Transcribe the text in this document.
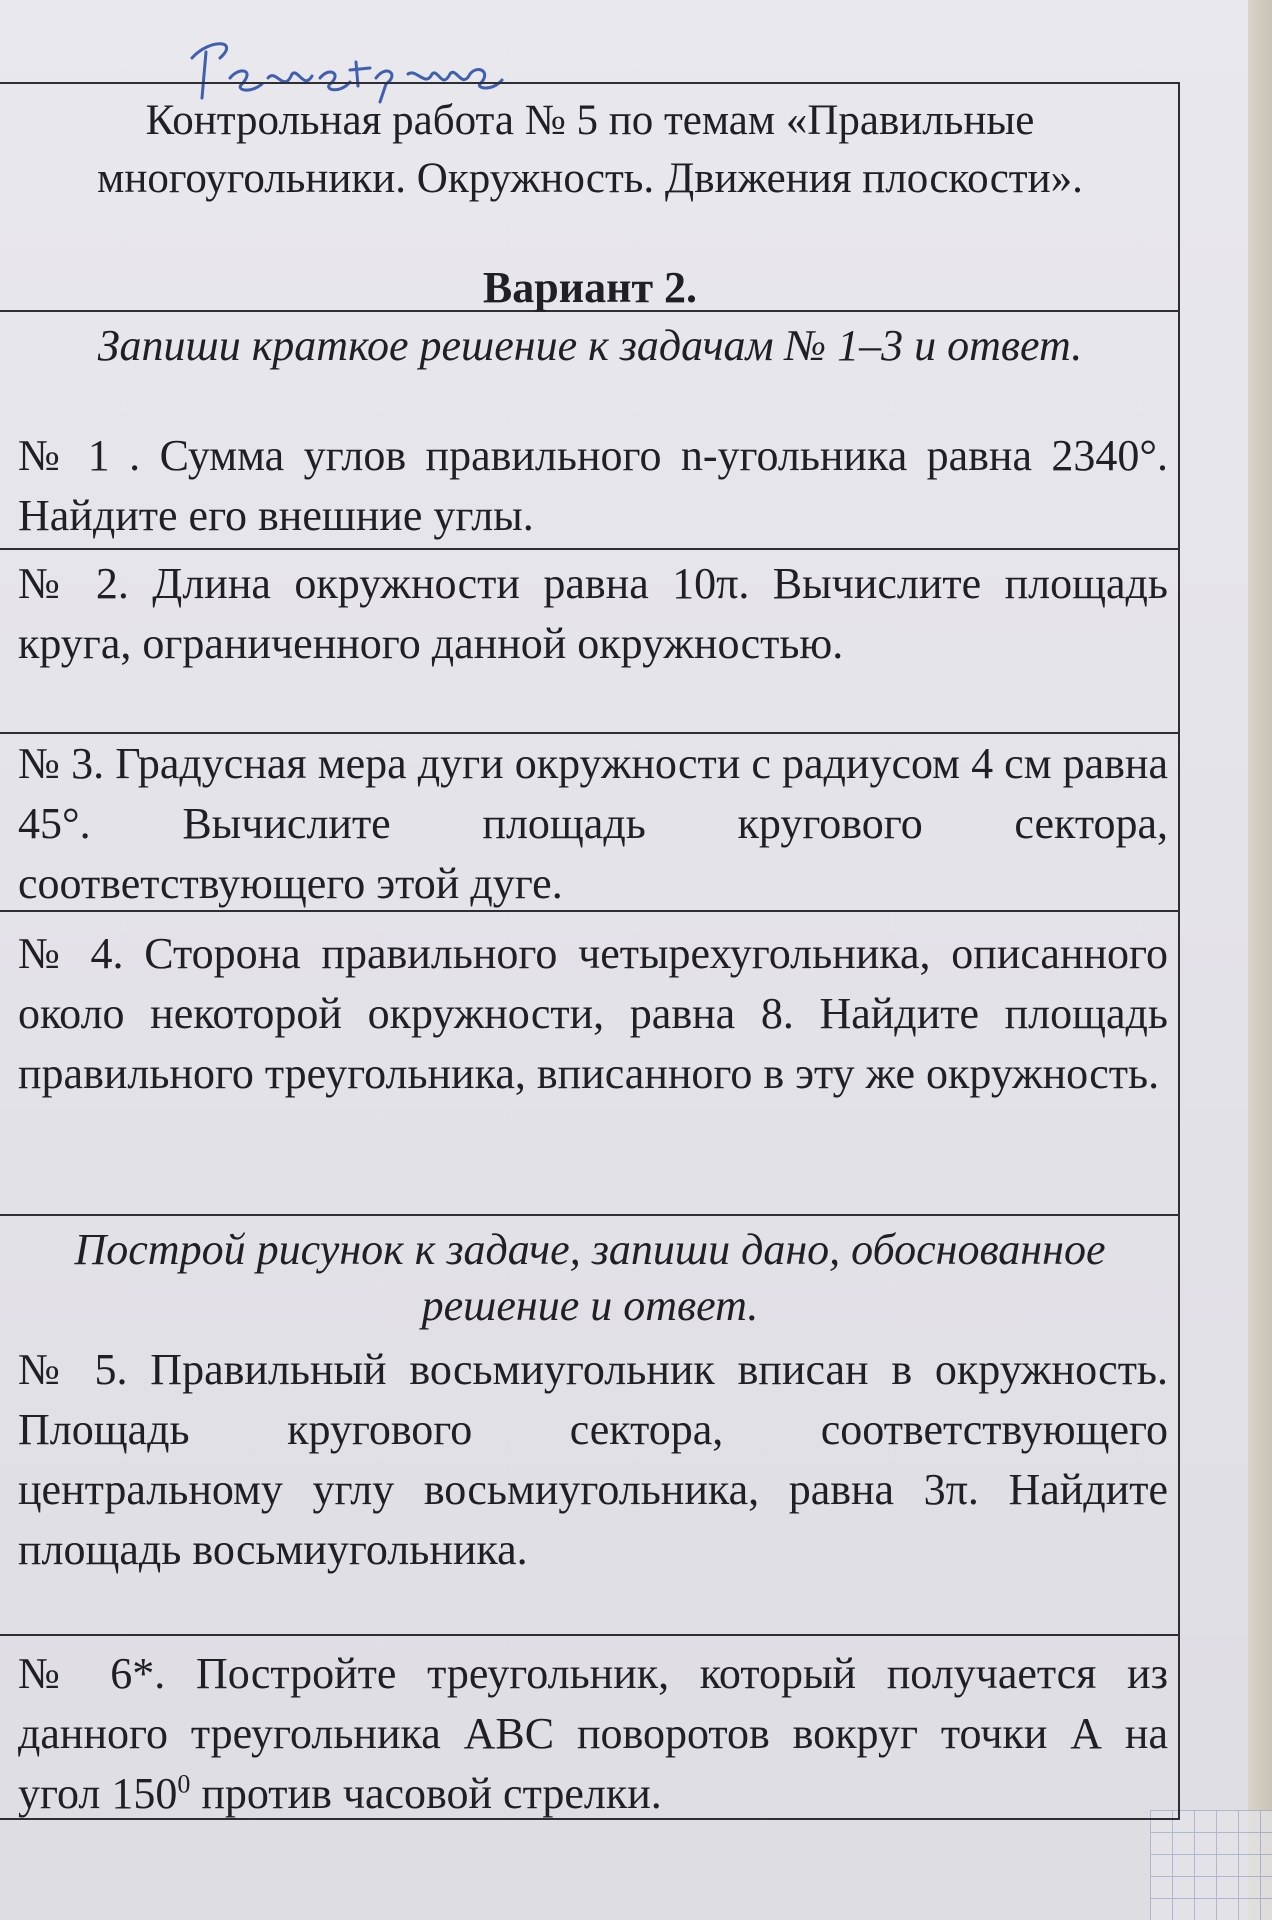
Контрольная работа № 5 по темам «Правильные многоугольники. Окружность. Движения плоскости».
Вариант 2.
Запиши краткое решение к задачам № 1–3 и ответ.
№ 1 . Сумма углов правильного n-угольника равна 2340°. Найдите его внешние углы.
№ 2. Длина окружности равна 10π. Вычислите площадь круга, ограниченного данной окружностью.
№ 3. Градусная мера дуги окружности с радиусом 4 см равна 45°. Вычислите площадь кругового сектора, соответствующего этой дуге.
№ 4. Сторона правильного четырехугольника, описанного около некоторой окружности, равна 8. Найдите площадь правильного треугольника, вписанного в эту же окружность.
Построй рисунок к задаче, запиши дано, обоснованное решение и ответ.
№ 5. Правильный восьмиугольник вписан в окружность. Площадь кругового сектора, соответствующего центральному углу восьмиугольника, равна 3π. Найдите площадь восьмиугольника.
№ 6*. Постройте треугольник, который получается из данного треугольника АВС поворотов вокруг точки А на угол $150^0$ против часовой стрелки.
